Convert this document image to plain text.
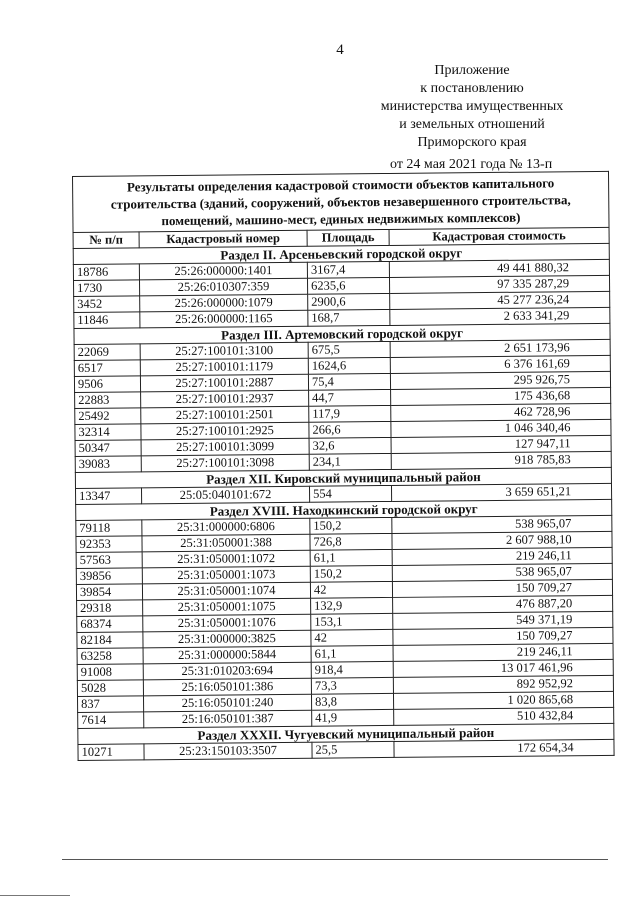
4
Приложение
к постановлению
министерства имущественных
и земельных отношений
Приморского края
от 24 мая 2021 года № 13-п
Результаты определения кадастровой стоимости объектов капитального строительства (зданий, сооружений, объектов незавершенного строительства, помещений, машино-мест, единых недвижимых комплексов)			
№ п/п	Кадастровый номер	Площадь	Кадастровая стоимость
Раздел II. Арсеньевский городской округ			
18786	25:26:000000:1401	3167,4	49 441 880,32
1730	25:26:010307:359	6235,6	97 335 287,29
3452	25:26:000000:1079	2900,6	45 277 236,24
11846	25:26:000000:1165	168,7	2 633 341,29
Раздел III. Артемовский городской округ			
22069	25:27:100101:3100	675,5	2 651 173,96
6517	25:27:100101:1179	1624,6	6 376 161,69
9506	25:27:100101:2887	75,4	295 926,75
22883	25:27:100101:2937	44,7	175 436,68
25492	25:27:100101:2501	117,9	462 728,96
32314	25:27:100101:2925	266,6	1 046 340,46
50347	25:27:100101:3099	32,6	127 947,11
39083	25:27:100101:3098	234,1	918 785,83
Раздел XII. Кировский муниципальный район			
13347	25:05:040101:672	554	3 659 651,21
Раздел XVIII. Находкинский городской округ			
79118	25:31:000000:6806	150,2	538 965,07
92353	25:31:050001:388	726,8	2 607 988,10
57563	25:31:050001:1072	61,1	219 246,11
39856	25:31:050001:1073	150,2	538 965,07
39854	25:31:050001:1074	42	150 709,27
29318	25:31:050001:1075	132,9	476 887,20
68374	25:31:050001:1076	153,1	549 371,19
82184	25:31:000000:3825	42	150 709,27
63258	25:31:000000:5844	61,1	219 246,11
91008	25:31:010203:694	918,4	13 017 461,96
5028	25:16:050101:386	73,3	892 952,92
837	25:16:050101:240	83,8	1 020 865,68
7614	25:16:050101:387	41,9	510 432,84
Раздел XXXII. Чугуевский муниципальный район			
10271	25:23:150103:3507	25,5	172 654,34
